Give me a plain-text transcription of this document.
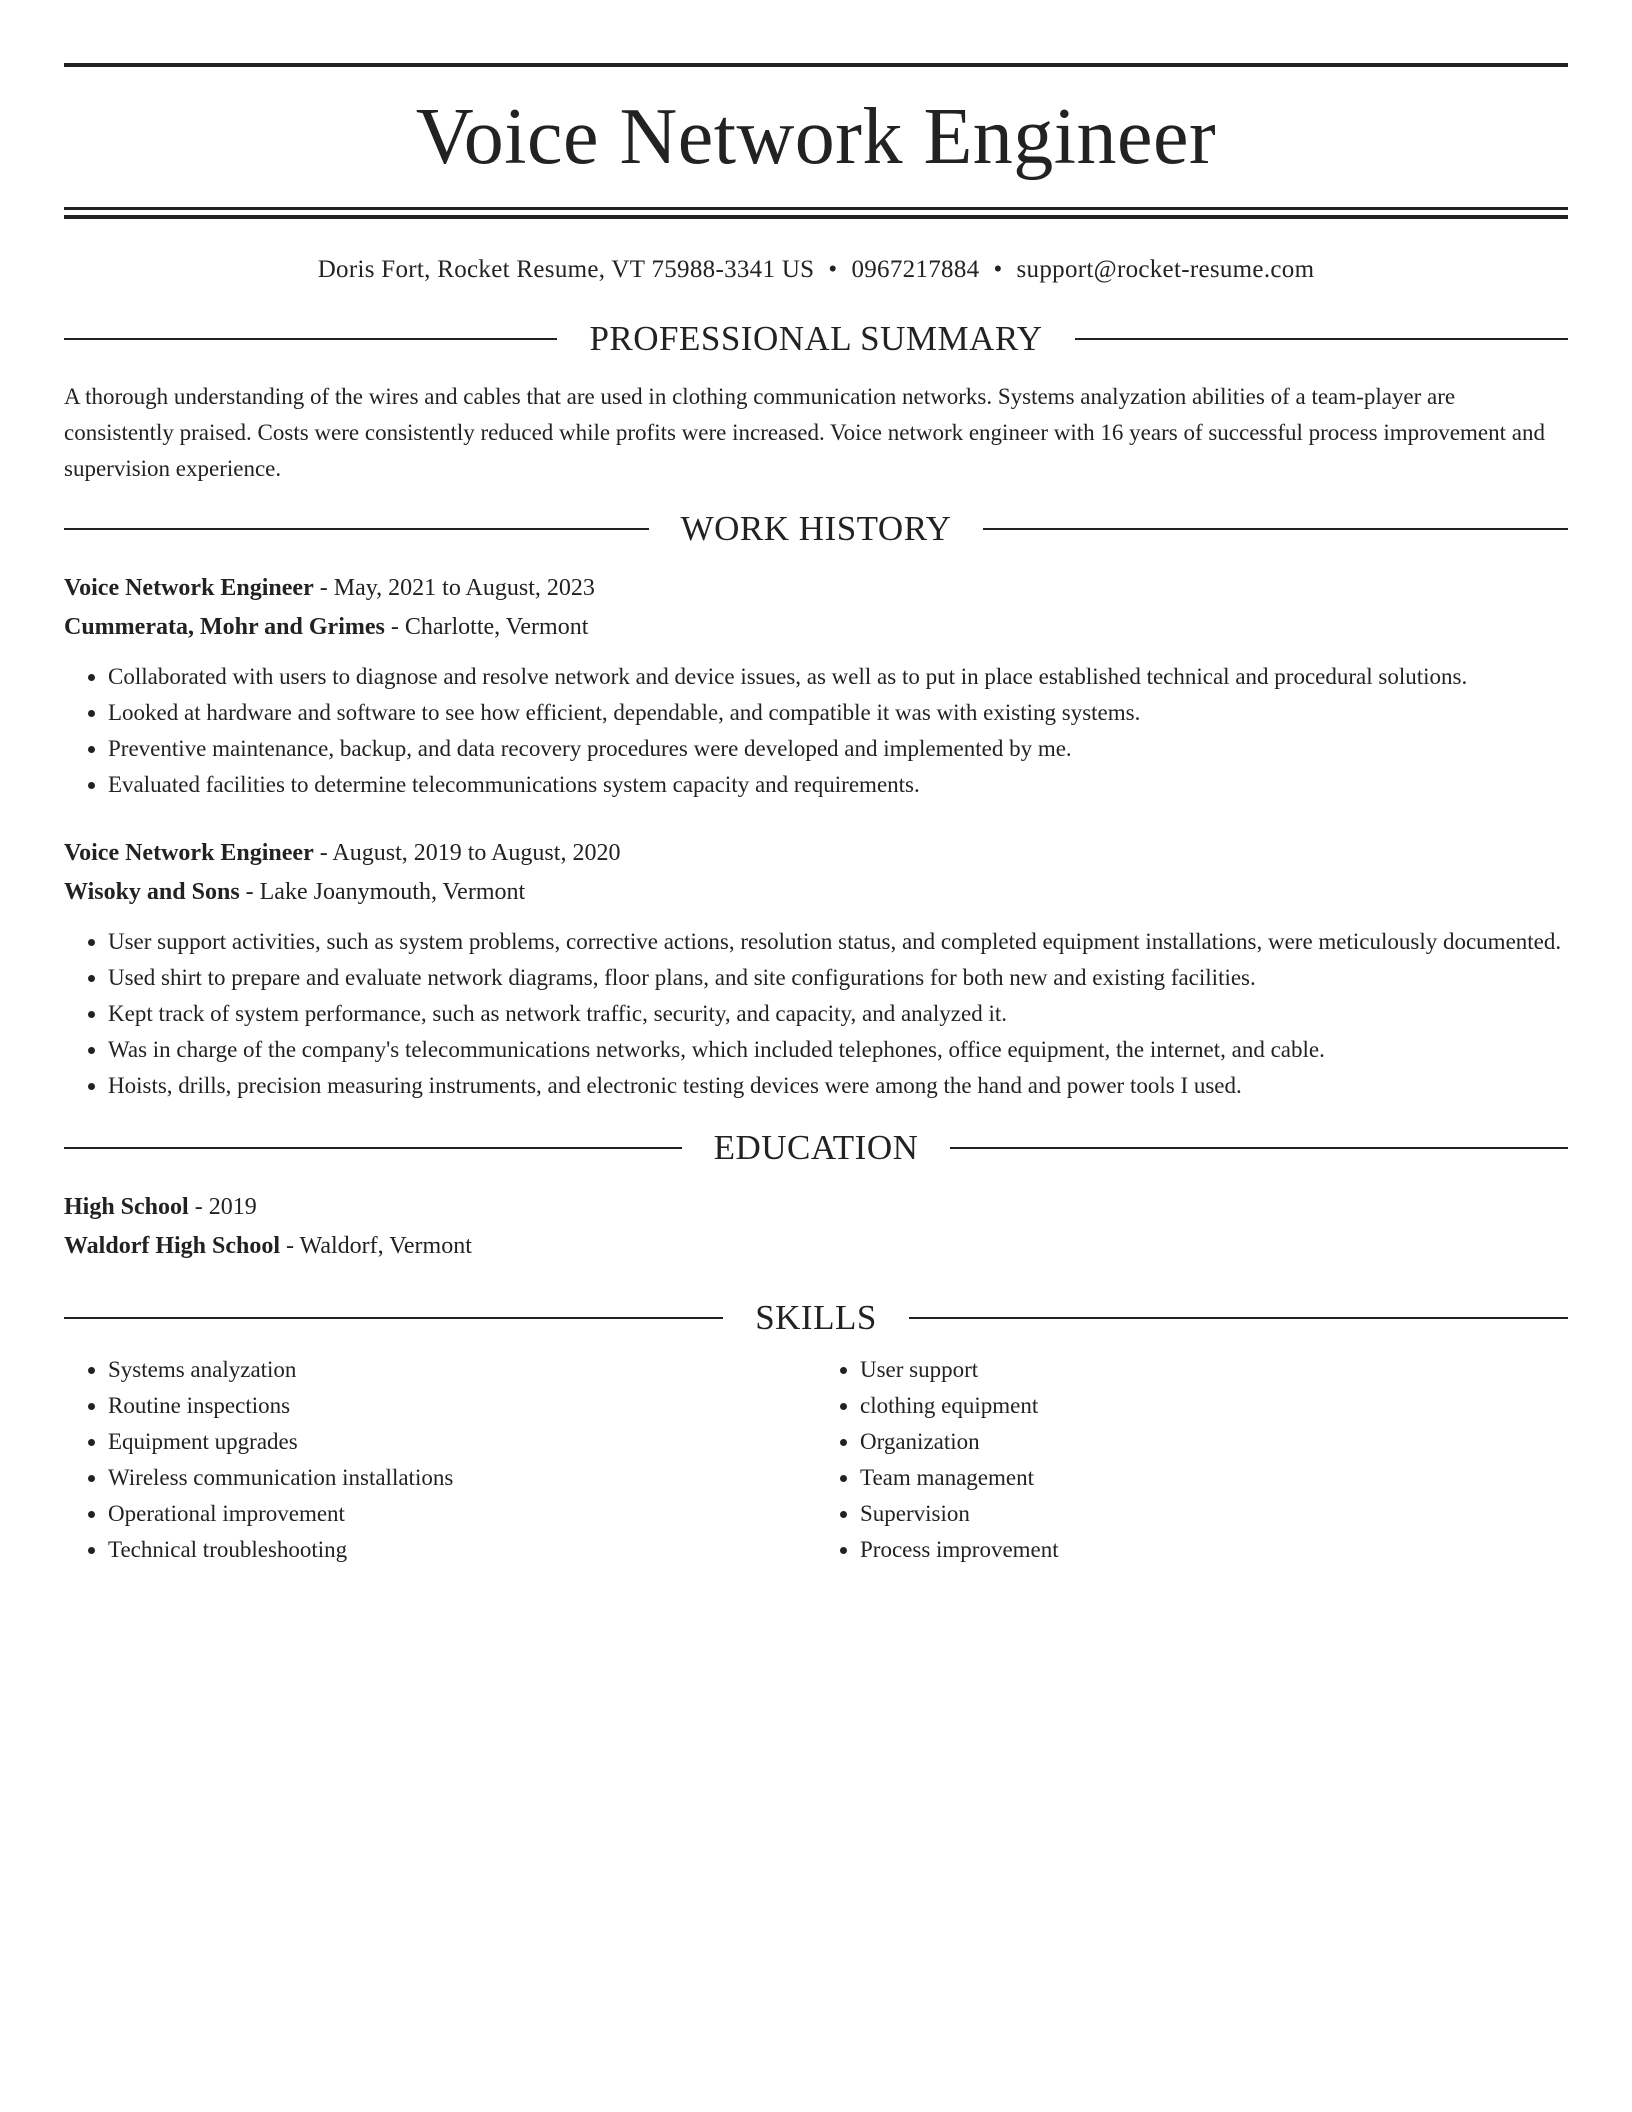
Voice Network Engineer
Doris Fort, Rocket Resume, VT 75988-3341 US • 0967217884 • support@rocket-resume.com
PROFESSIONAL SUMMARY
A thorough understanding of the wires and cables that are used in clothing communication networks. Systems analyzation abilities of a team-player are consistently praised. Costs were consistently reduced while profits were increased. Voice network engineer with 16 years of successful process improvement and supervision experience.
WORK HISTORY
Voice Network Engineer - May, 2021 to August, 2023
Cummerata, Mohr and Grimes - Charlotte, Vermont
• Collaborated with users to diagnose and resolve network and device issues, as well as to put in place established technical and procedural solutions.
• Looked at hardware and software to see how efficient, dependable, and compatible it was with existing systems.
• Preventive maintenance, backup, and data recovery procedures were developed and implemented by me.
• Evaluated facilities to determine telecommunications system capacity and requirements.
Voice Network Engineer - August, 2019 to August, 2020
Wisoky and Sons - Lake Joanymouth, Vermont
• User support activities, such as system problems, corrective actions, resolution status, and completed equipment installations, were meticulously documented.
• Used shirt to prepare and evaluate network diagrams, floor plans, and site configurations for both new and existing facilities.
• Kept track of system performance, such as network traffic, security, and capacity, and analyzed it.
• Was in charge of the company's telecommunications networks, which included telephones, office equipment, the internet, and cable.
• Hoists, drills, precision measuring instruments, and electronic testing devices were among the hand and power tools I used.
EDUCATION
High School - 2019
Waldorf High School - Waldorf, Vermont
SKILLS
• Systems analyzation
• Routine inspections
• Equipment upgrades
• Wireless communication installations
• Operational improvement
• Technical troubleshooting
• User support
• clothing equipment
• Organization
• Team management
• Supervision
• Process improvement
